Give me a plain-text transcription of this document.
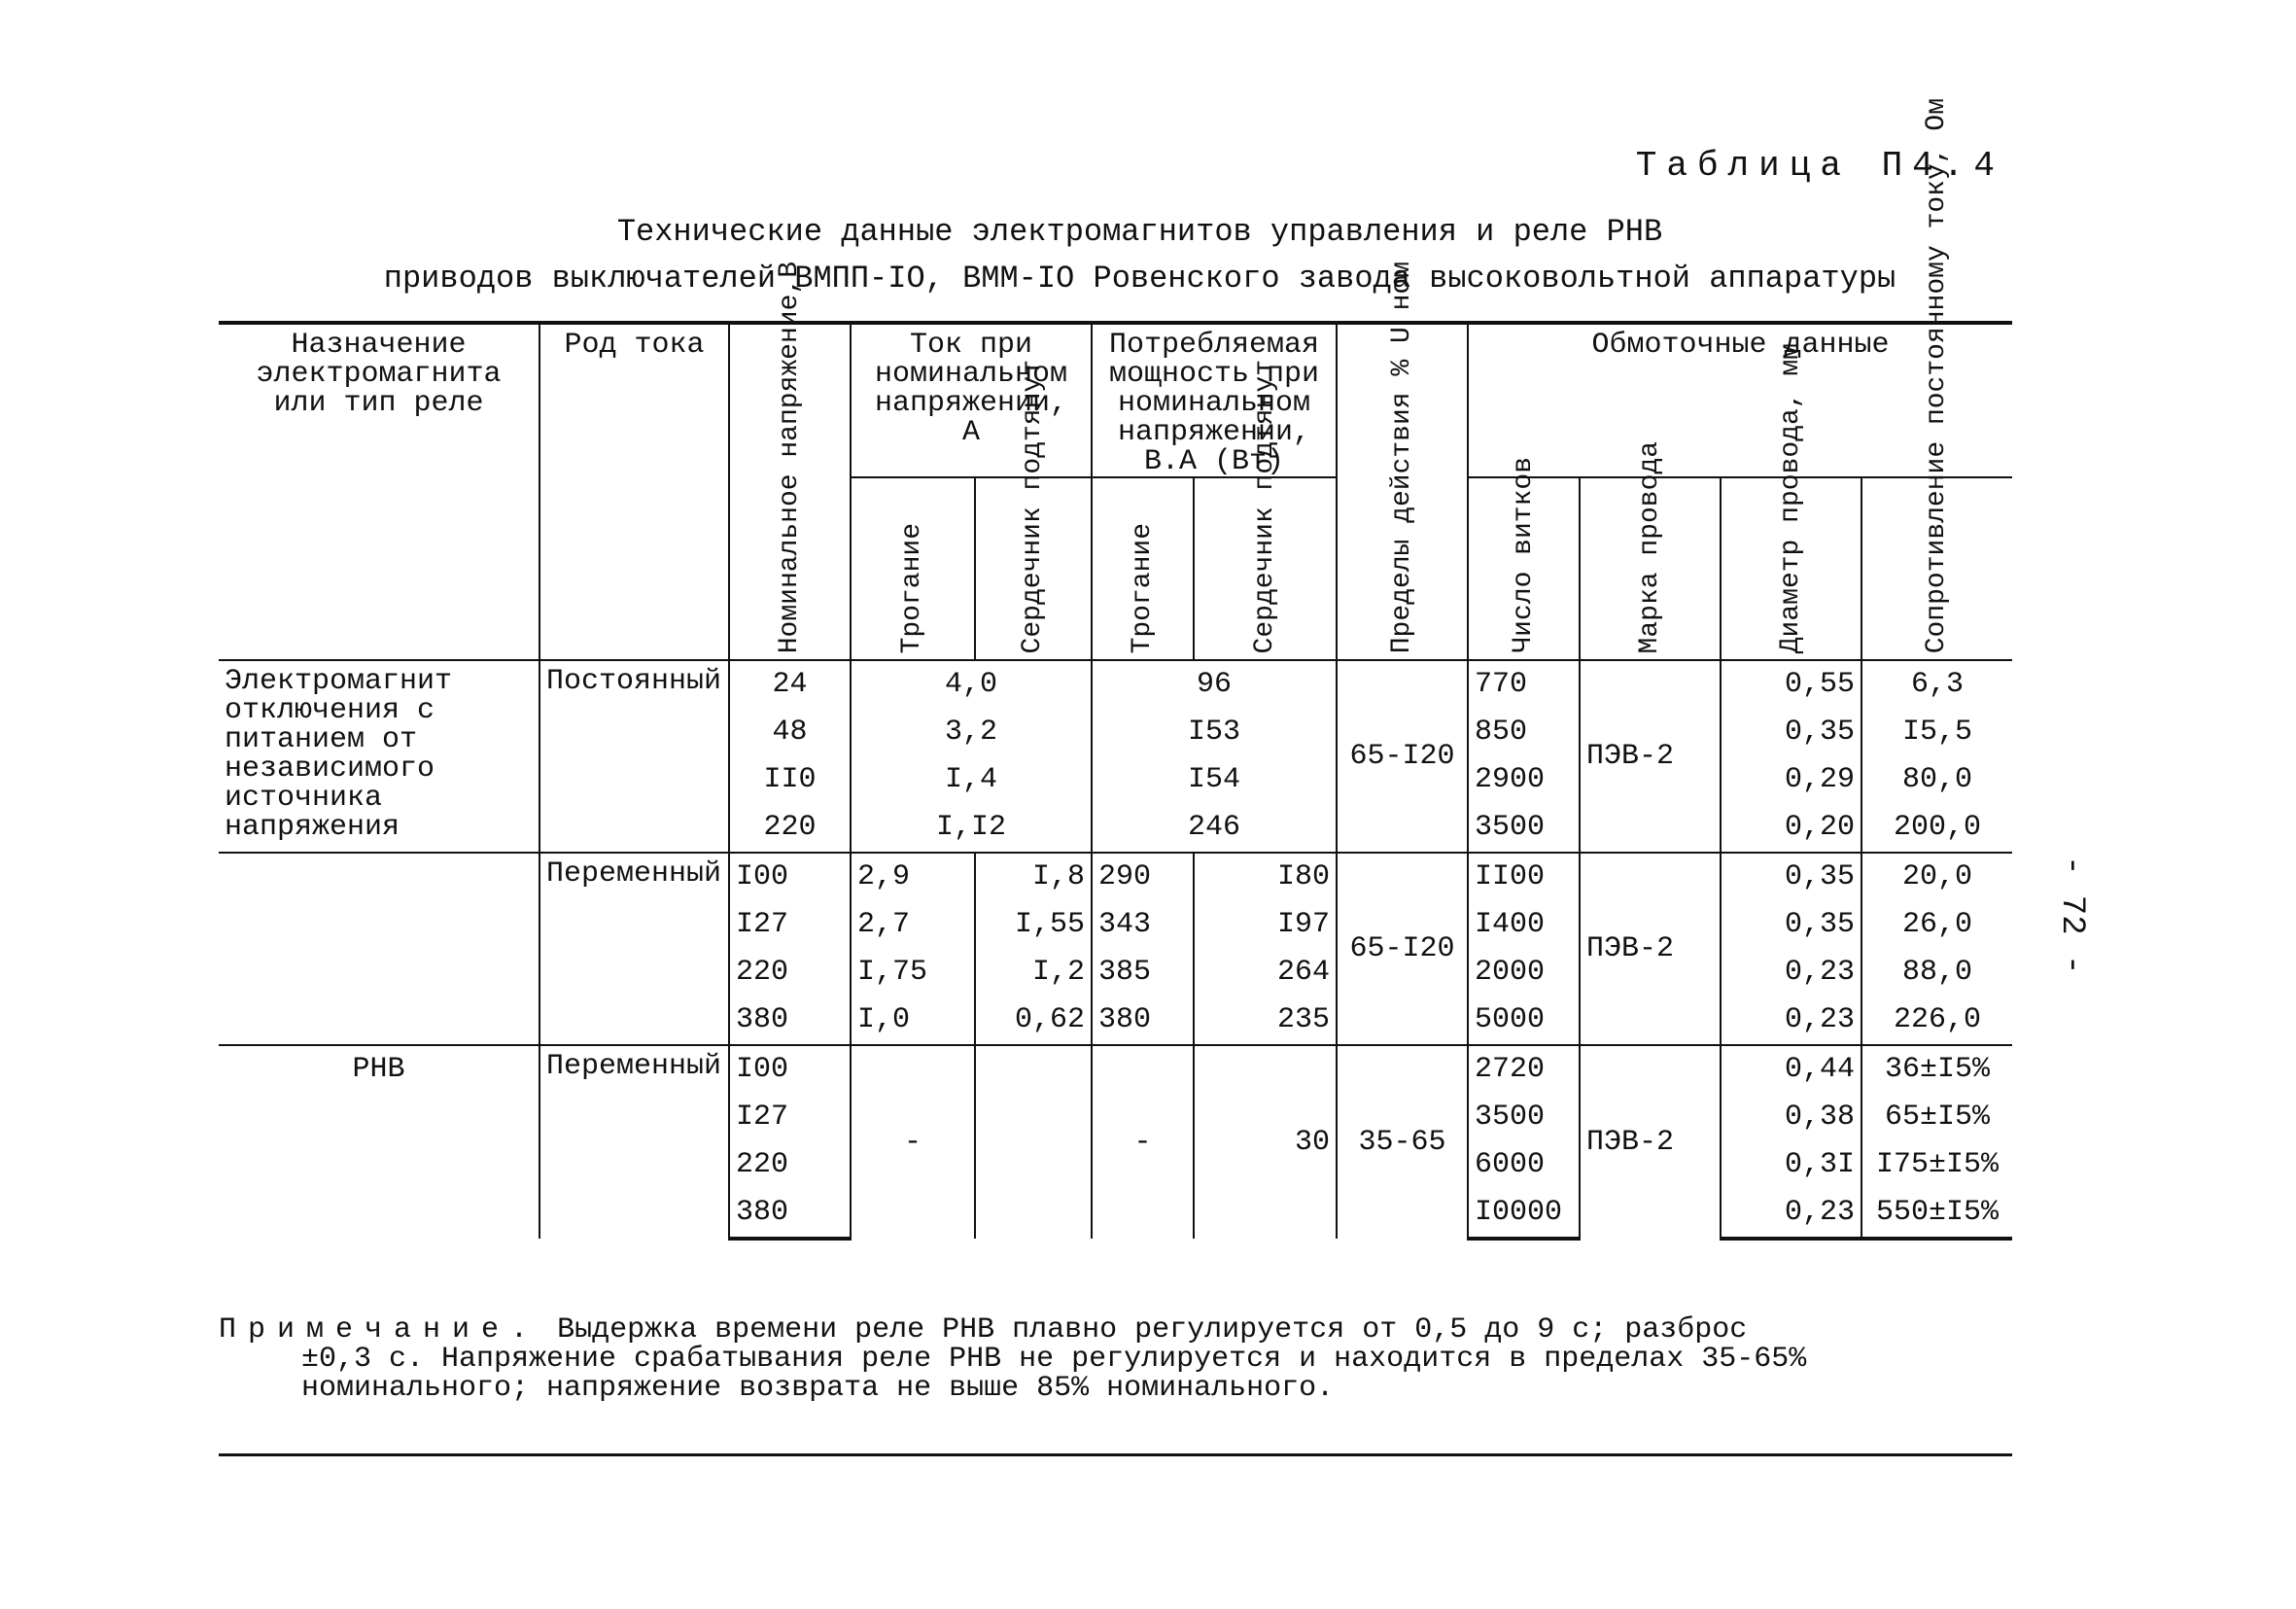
Таблица П4.4
Технические данные электромагнитов управления и реле РНВ
приводов выключателей ВМПП-IO, ВММ-IO Ровенского завода высоковольтной аппаратуры
- 72 -
Назначение электромагнита или тип реле	Род тока	Номинальное напряжение,В	Ток при номинальном напряжении, А		Потребляемая мощность при номинальном напряжении, В.А (Вт)		Пределы действия % U ном	Обмоточные данные			

			Трогание	Сердечник подтянут	Трогание	Сердечник подтянут		Число витков	Марка провода	Диаметр провода, мм	Сопротивление постоянному току, Ом

Электромагнит отключения с питанием от независимого источника напряжения	Постоянный	24	4,0		96		65-I20	770	ПЭВ-2	0,55	6,3
		48	3,2		I53			850		0,35	I5,5
		II0	I,4		I54			2900		0,29	80,0
		220	I,I2		246			3500		0,20	200,0
	Переменный	I00	2,9	I,8	290	I80	65-I20	II00	ПЭВ-2	0,35	20,0
		I27	2,7	I,55	343	I97		I400		0,35	26,0
		220	I,75	I,2	385	264		2000		0,23	88,0
		380	I,0	0,62	380	235		5000		0,23	226,0
РНВ	Переменный	I00	-		-	30	35-65	2720	ПЭВ-2	0,44	36±I5%
		I27						3500		0,38	65±I5%
		220						6000		0,3I	I75±I5%
		380						I0000		0,23	550±I5%
Примечание. Выдержка времени реле РНВ плавно регулируется от 0,5 до 9 с; разброс
±0,3 с. Напряжение срабатывания реле РНВ не регулируется и находится в пределах 35-65%
номинального; напряжение возврата не выше 85% номинального.
